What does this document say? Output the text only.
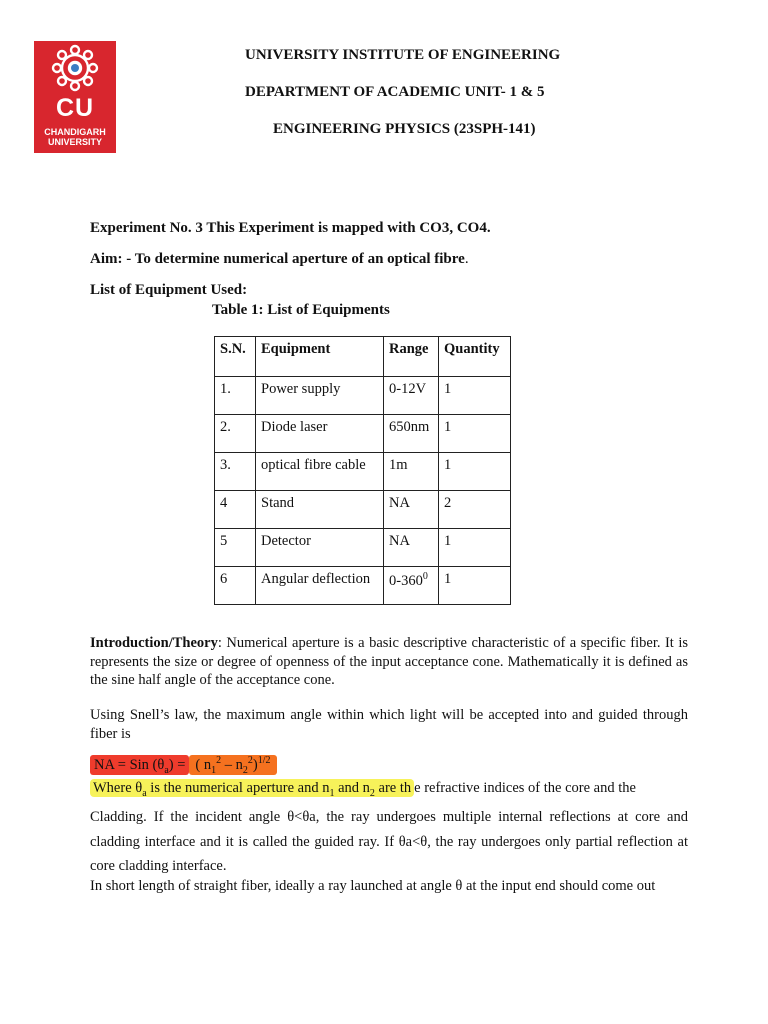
CU
CHANDIGARH
UNIVERSITY
UNIVERSITY INSTITUTE OF ENGINEERING
DEPARTMENT OF ACADEMIC UNIT- 1 & 5
ENGINEERING PHYSICS (23SPH-141)
Experiment No. 3 This Experiment is mapped with CO3, CO4.
Aim: - To determine numerical aperture of an optical fibre.
List of Equipment Used:
Table 1: List of Equipments
S.N.	Equipment	Range	Quantity
1.	Power supply	0-12V	1
2.	Diode laser	650nm	1
3.	optical fibre cable	1m	1
4	Stand	NA	2
5	Detector	NA	1
6	Angular deflection	$0-360^0$	1
Introduction/Theory: Numerical aperture is a basic descriptive characteristic of a specific fiber. It is represents the size or degree of openness of the input acceptance cone. Mathematically it is defined as the sine half angle of the acceptance cone.
Using Snell’s law, the maximum angle within which light will be accepted into and guided through fiber is
NA = Sin $(\theta_a)$ = ( $n_1^2 - n_2^2)^{1/2}$
Where $\theta_a$ is the numerical aperture and $n_1$ and $n_2$ are th e refractive indices of the core and the
Cladding. If the incident angle θ<θa, the ray undergoes multiple internal reflections at core and cladding interface and it is called the guided ray. If θa<θ, the ray undergoes only partial reflection at core cladding interface.
In short length of straight fiber, ideally a ray launched at angle θ at the input end should come out
